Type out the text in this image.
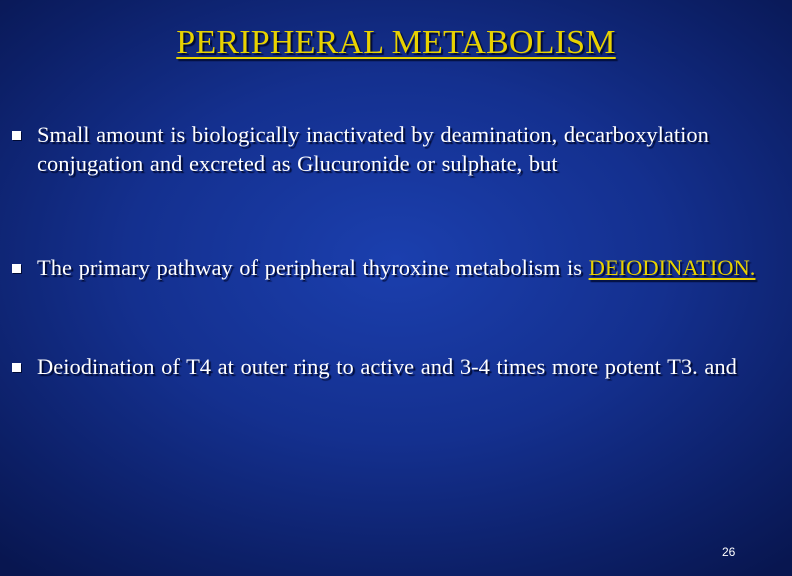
PERIPHERAL METABOLISM
Small amount is biologically inactivated by deamination, decarboxylation conjugation and excreted as Glucuronide or sulphate, but
The primary pathway of peripheral thyroxine metabolism is DEIODINATION.
Deiodination of T4 at outer ring to active and 3-4 times more potent T3. and
26
